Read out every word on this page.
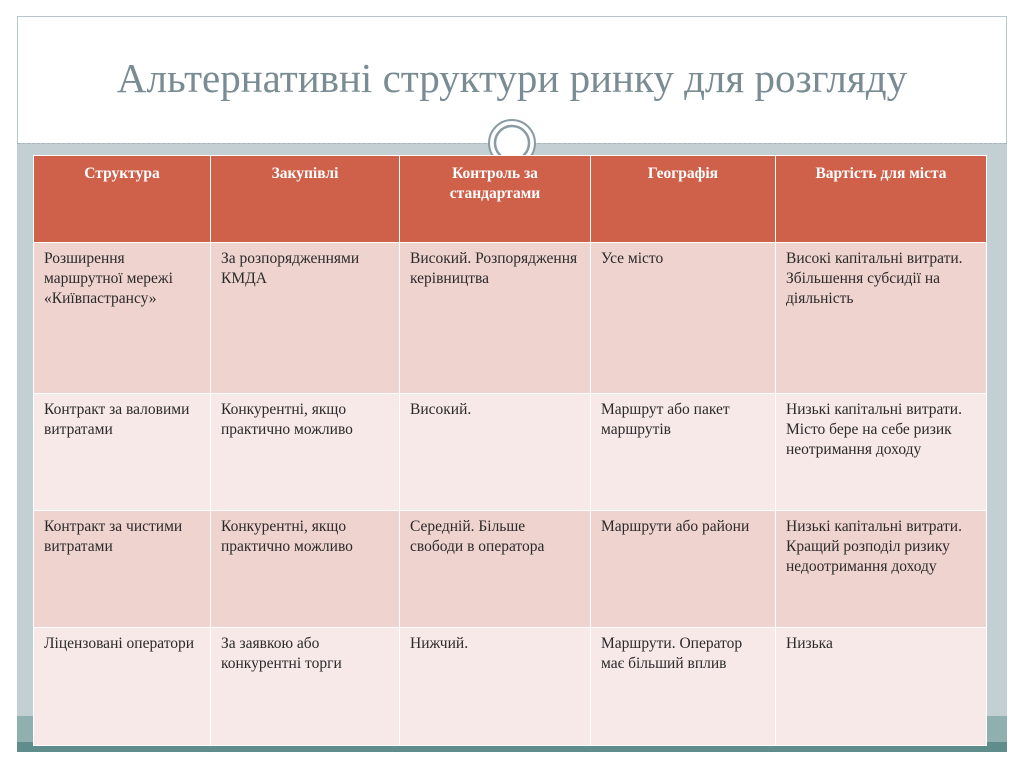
Альтернативні структури ринку для розгляду
Структура	Закупівлі	Контроль за стандартами	Географія	Вартість для міста
Розширення маршрутної мережі «Київпастрансу»	За розпорядженнями КМДА	Високий. Розпорядження керівництва	Усе місто	Високі капітальні витрати. Збільшення субсидії на діяльність
Контракт за валовими витратами	Конкурентні, якщо практично можливо	Високий.	Маршрут або пакет маршрутів	Низькі капітальні витрати. Місто бере на себе ризик неотримання доходу
Контракт за чистими витратами	Конкурентні, якщо практично можливо	Середній. Більше свободи в оператора	Маршрути або райони	Низькі капітальні витрати. Кращий розподіл ризику недоотримання доходу
Ліцензовані оператори	За заявкою або конкурентні торги	Нижчий.	Маршрути. Оператор має більший вплив	Низька
